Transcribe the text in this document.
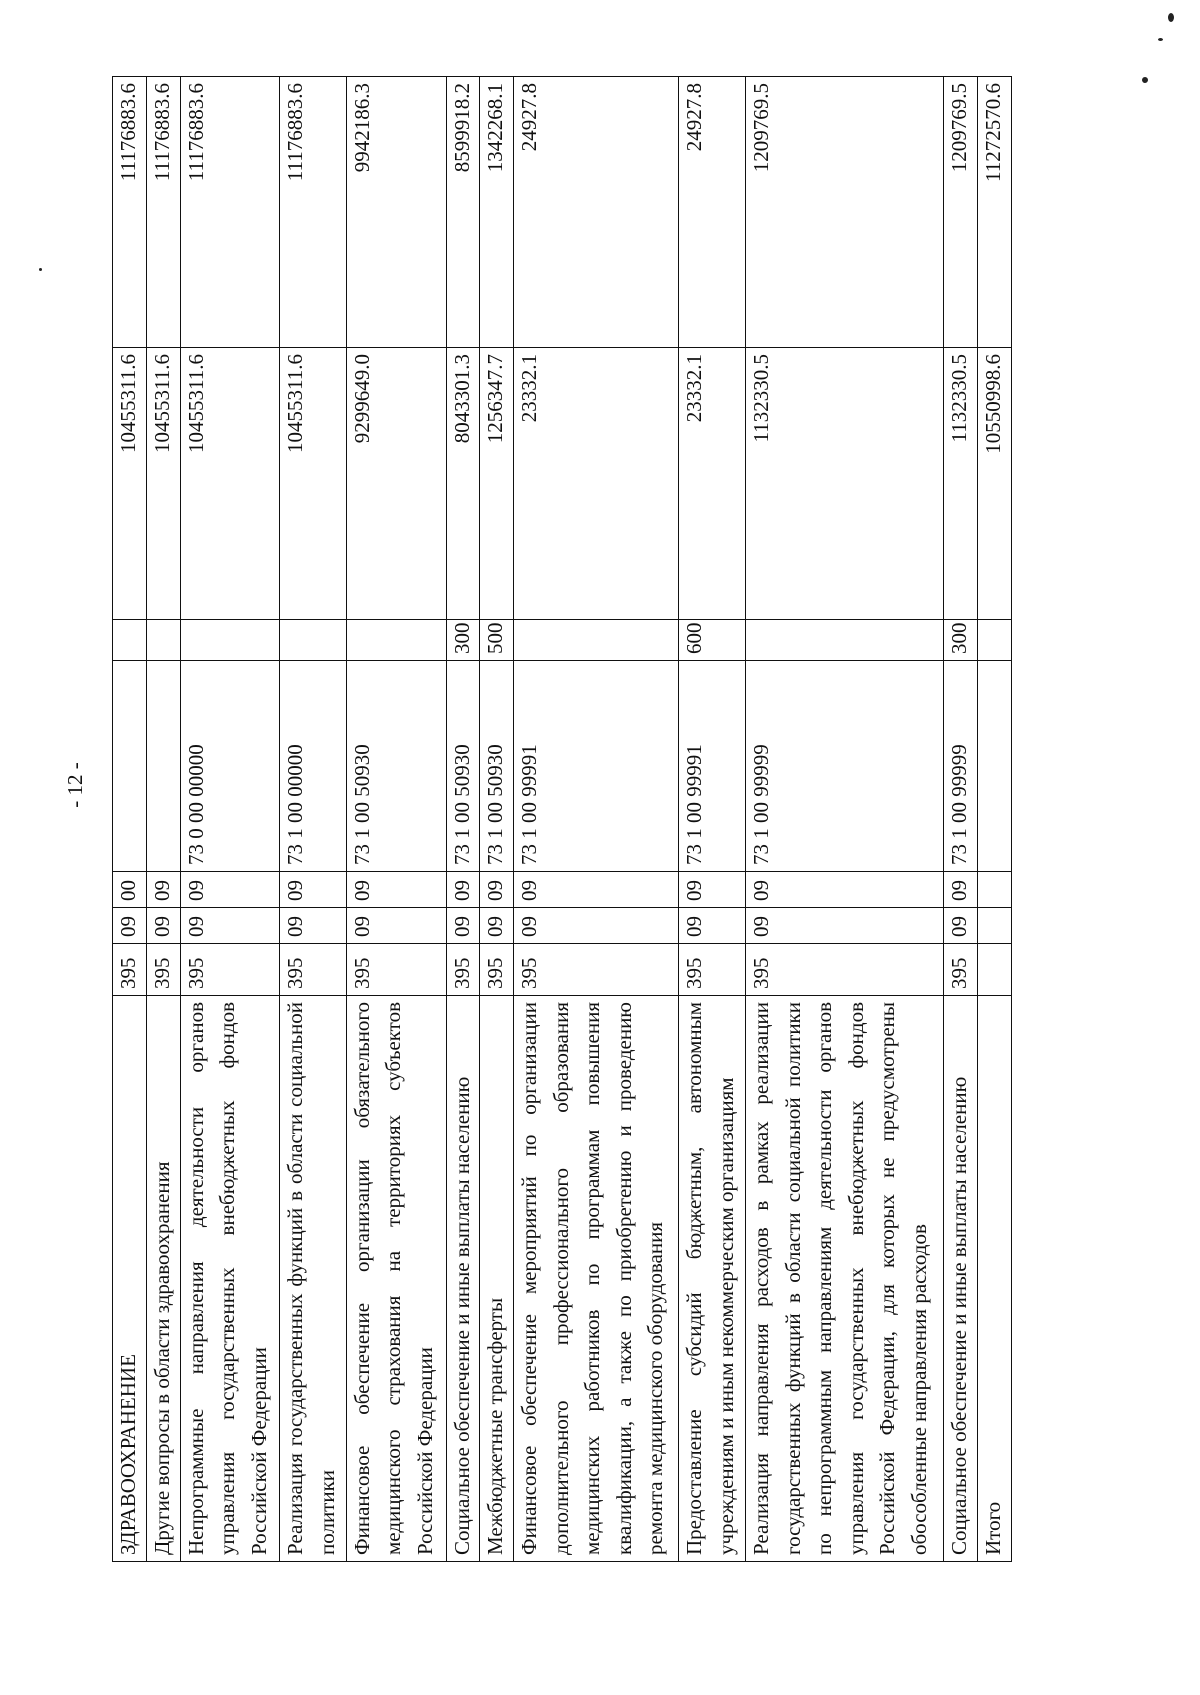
- 12 -
ЗДРАВООХРАНЕНИЕ	395	09	00			10455311.6	11176883.6
Другие вопросы в области здравоохранения	395	09	09			10455311.6	11176883.6
Непрограммные направления деятельности органов управления государственных внебюджетных фондов Российской Федерации	395	09	09	73 0 00 00000		10455311.6	11176883.6
Реализация государственных функций в области социальной политики	395	09	09	73 1 00 00000		10455311.6	11176883.6
Финансовое обеспечение организации обязательного медицинского страхования на территориях субъектов Российской Федерации	395	09	09	73 1 00 50930		9299649.0	9942186.3
Социальное обеспечение и иные выплаты населению	395	09	09	73 1 00 50930	300	8043301.3	8599918.2
Межбюджетные трансферты	395	09	09	73 1 00 50930	500	1256347.7	1342268.1
Финансовое обеспечение мероприятий по организации дополнительного профессионального образования медицинских работников по программам повышения квалификации, а также по приобретению и проведению ремонта медицинского оборудования	395	09	09	73 1 00 99991		23332.1	24927.8
Предоставление субсидий бюджетным, автономным учреждениям и иным некоммерческим организациям	395	09	09	73 1 00 99991	600	23332.1	24927.8
Реализация направления расходов в рамках реализации государственных функций в области социальной политики по непрограммным направлениям деятельности органов управления государственных внебюджетных фондов Российской Федерации, для которых не предусмотрены обособленные направления расходов	395	09	09	73 1 00 99999		1132330.5	1209769.5
Социальное обеспечение и иные выплаты населению	395	09	09	73 1 00 99999	300	1132330.5	1209769.5
Итого						10550998.6	11272570.6
